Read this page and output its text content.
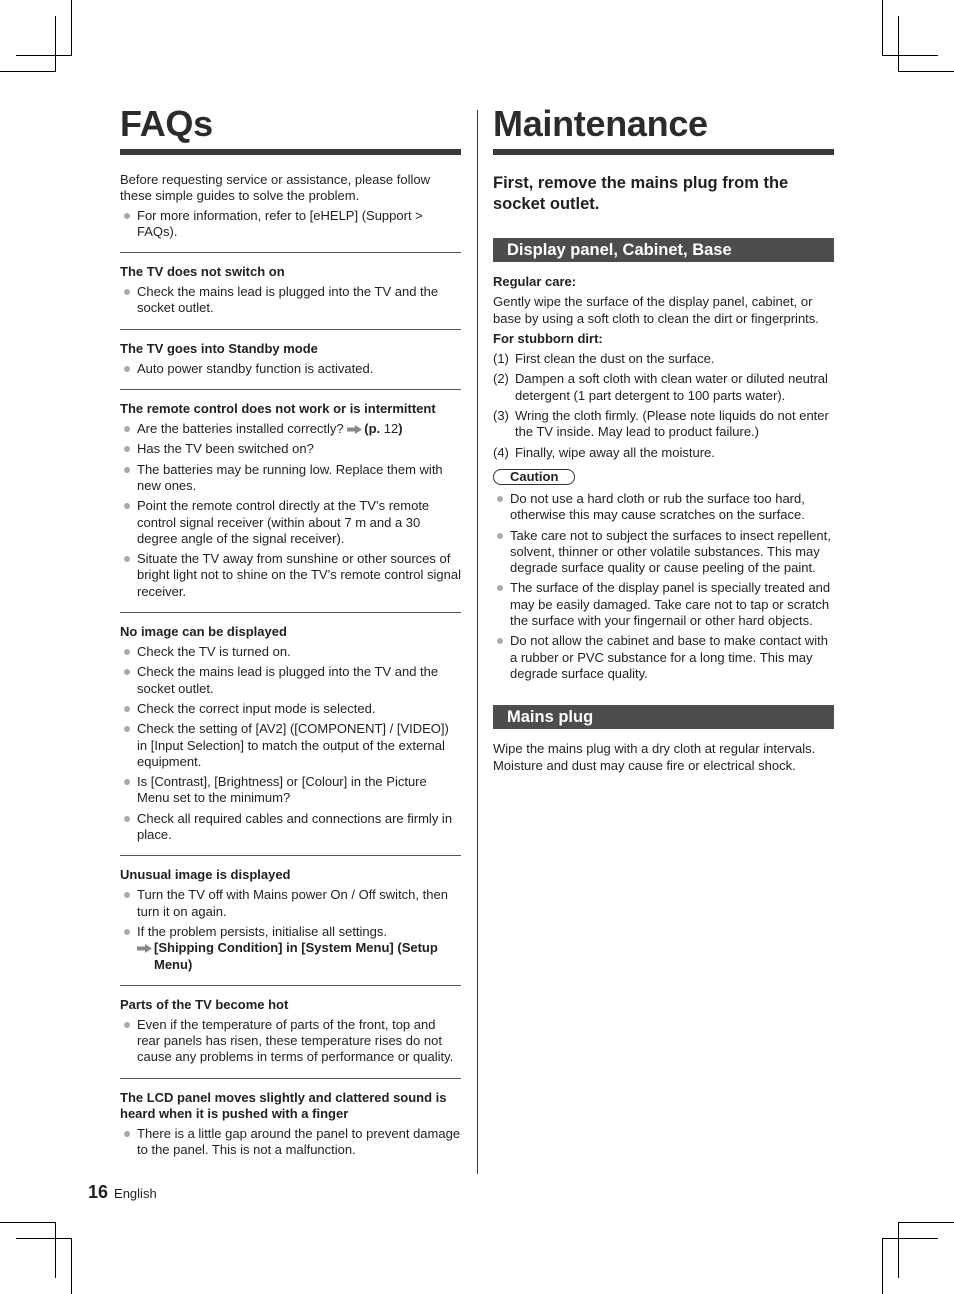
FAQs

Before requesting service or assistance, please follow these simple guides to solve the problem.

For more information, refer to [eHELP] (Support > FAQs).
The TV does not switch on
Check the mains lead is plugged into the TV and the socket outlet.
The TV goes into Standby mode
Auto power standby function is activated.
The remote control does not work or is intermittent
Are the batteries installed correctly? (p. 12)
Has the TV been switched on?
The batteries may be running low. Replace them with new ones.
Point the remote control directly at the TV’s remote control signal receiver (within about 7 m and a 30 degree angle of the signal receiver).
Situate the TV away from sunshine or other sources of bright light not to shine on the TV’s remote control signal receiver.
No image can be displayed
Check the TV is turned on.
Check the mains lead is plugged into the TV and the socket outlet.
Check the correct input mode is selected.
Check the setting of [AV2] ([COMPONENT] / [VIDEO]) in [Input Selection] to match the output of the external equipment.
Is [Contrast], [Brightness] or [Colour] in the Picture Menu set to the minimum?
Check all required cables and connections are firmly in place.
Unusual image is displayed
Turn the TV off with Mains power On / Off switch, then turn it on again.
If the problem persists, initialise all settings.

[Shipping Condition] in [System Menu] (Setup Menu)
Parts of the TV become hot
Even if the temperature of parts of the front, top and rear panels has risen, these temperature rises do not cause any problems in terms of performance or quality.
The LCD panel moves slightly and clattered sound is heard when it is pushed with a finger
There is a little gap around the panel to prevent damage to the panel. This is not a malfunction.
Maintenance

First, remove the mains plug from the socket outlet.

Display panel, Cabinet, Base

Regular care:

Gently wipe the surface of the display panel, cabinet, or base by using a soft cloth to clean the dirt or fingerprints.

For stubborn dirt:

(1) First clean the dust on the surface.
(2) Dampen a soft cloth with clean water or diluted neutral detergent (1 part detergent to 100 parts water).
(3) Wring the cloth firmly. (Please note liquids do not enter the TV inside. May lead to product failure.)
(4) Finally, wipe away all the moisture.
Caution
Do not use a hard cloth or rub the surface too hard, otherwise this may cause scratches on the surface.
Take care not to subject the surfaces to insect repellent, solvent, thinner or other volatile substances. This may degrade surface quality or cause peeling of the paint.
The surface of the display panel is specially treated and may be easily damaged. Take care not to tap or scratch the surface with your fingernail or other hard objects.
Do not allow the cabinet and base to make contact with a rubber or PVC substance for a long time. This may degrade surface quality.
Mains plug

Wipe the mains plug with a dry cloth at regular intervals. Moisture and dust may cause fire or electrical shock.

16 English
